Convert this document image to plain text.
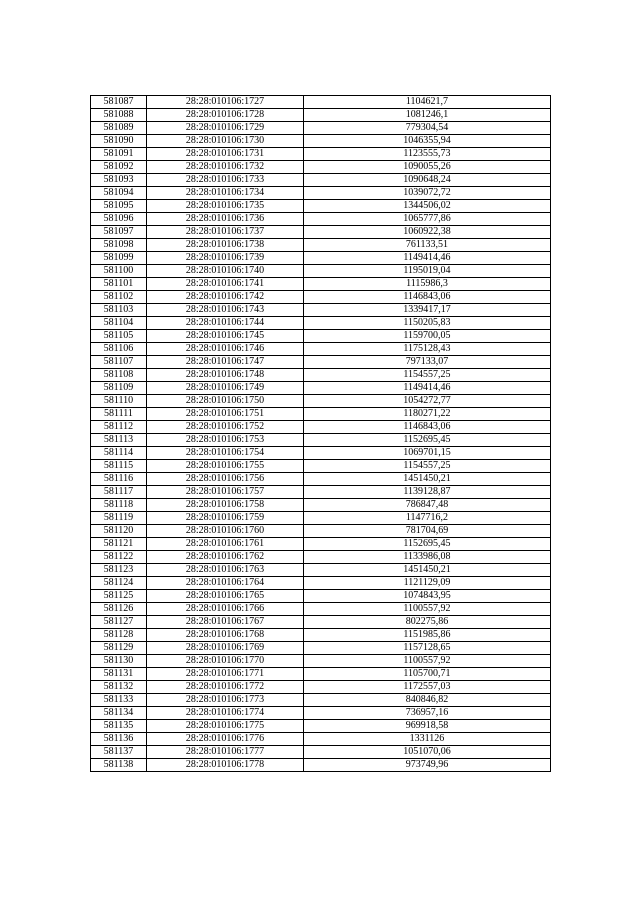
581087	28:28:010106:1727	1104621,7
581088	28:28:010106:1728	1081246,1
581089	28:28:010106:1729	779304,54
581090	28:28:010106:1730	1046355,94
581091	28:28:010106:1731	1123555,73
581092	28:28:010106:1732	1090055,26
581093	28:28:010106:1733	1090648,24
581094	28:28:010106:1734	1039072,72
581095	28:28:010106:1735	1344506,02
581096	28:28:010106:1736	1065777,86
581097	28:28:010106:1737	1060922,38
581098	28:28:010106:1738	761133,51
581099	28:28:010106:1739	1149414,46
581100	28:28:010106:1740	1195019,04
581101	28:28:010106:1741	1115986,3
581102	28:28:010106:1742	1146843,06
581103	28:28:010106:1743	1339417,17
581104	28:28:010106:1744	1150205,83
581105	28:28:010106:1745	1159700,05
581106	28:28:010106:1746	1175128,43
581107	28:28:010106:1747	797133,07
581108	28:28:010106:1748	1154557,25
581109	28:28:010106:1749	1149414,46
581110	28:28:010106:1750	1054272,77
581111	28:28:010106:1751	1180271,22
581112	28:28:010106:1752	1146843,06
581113	28:28:010106:1753	1152695,45
581114	28:28:010106:1754	1069701,15
581115	28:28:010106:1755	1154557,25
581116	28:28:010106:1756	1451450,21
581117	28:28:010106:1757	1139128,87
581118	28:28:010106:1758	786847,48
581119	28:28:010106:1759	1147716,2
581120	28:28:010106:1760	781704,69
581121	28:28:010106:1761	1152695,45
581122	28:28:010106:1762	1133986,08
581123	28:28:010106:1763	1451450,21
581124	28:28:010106:1764	1121129,09
581125	28:28:010106:1765	1074843,95
581126	28:28:010106:1766	1100557,92
581127	28:28:010106:1767	802275,86
581128	28:28:010106:1768	1151985,86
581129	28:28:010106:1769	1157128,65
581130	28:28:010106:1770	1100557,92
581131	28:28:010106:1771	1105700,71
581132	28:28:010106:1772	1172557,03
581133	28:28:010106:1773	840846,82
581134	28:28:010106:1774	736957,16
581135	28:28:010106:1775	969918,58
581136	28:28:010106:1776	1331126
581137	28:28:010106:1777	1051070,06
581138	28:28:010106:1778	973749,96
